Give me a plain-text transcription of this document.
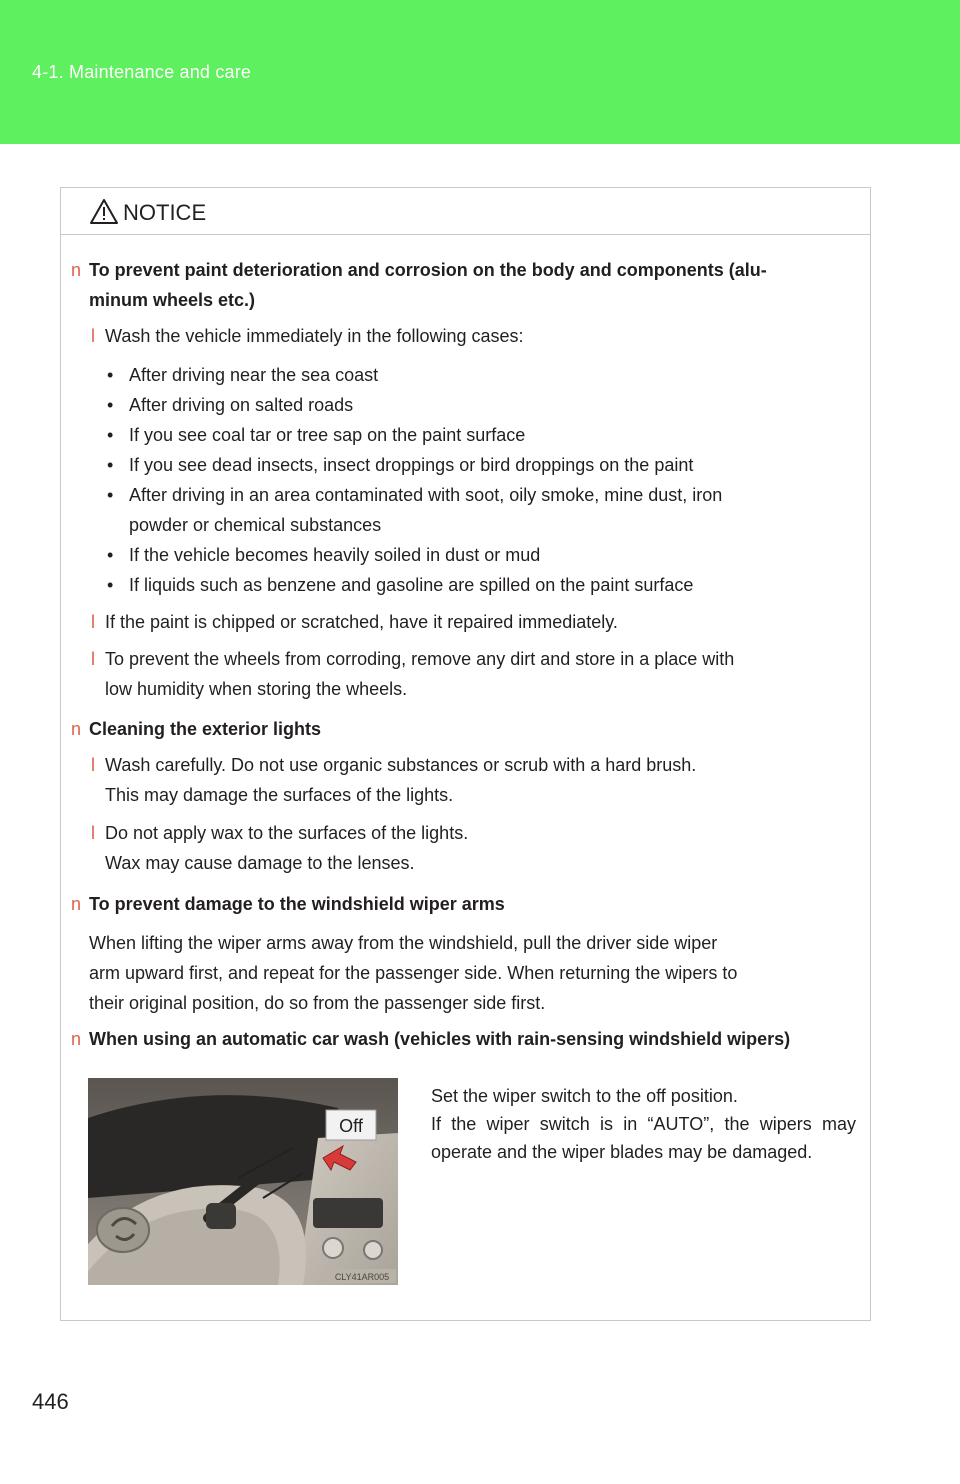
4-1. Maintenance and care
NOTICE
n To prevent paint deterioration and corrosion on the body and components (alu-
minum wheels etc.)
l Wash the vehicle immediately in the following cases:
• After driving near the sea coast
• After driving on salted roads
• If you see coal tar or tree sap on the paint surface
• If you see dead insects, insect droppings or bird droppings on the paint
• After driving in an area contaminated with soot, oily smoke, mine dust, iron
powder or chemical substances
• If the vehicle becomes heavily soiled in dust or mud
• If liquids such as benzene and gasoline are spilled on the paint surface
l If the paint is chipped or scratched, have it repaired immediately.
l To prevent the wheels from corroding, remove any dirt and store in a place with
low humidity when storing the wheels.
n Cleaning the exterior lights
l Wash carefully. Do not use organic substances or scrub with a hard brush.
This may damage the surfaces of the lights.
l Do not apply wax to the surfaces of the lights.
Wax may cause damage to the lenses.
n To prevent damage to the windshield wiper arms
When lifting the wiper arms away from the windshield, pull the driver side wiper
arm upward first, and repeat for the passenger side. When returning the wipers to
their original position, do so from the passenger side first.
n When using an automatic car wash (vehicles with rain-sensing windshield wipers)
Off
CLY41AR005
Set the wiper switch to the off position.
If the wiper switch is in “AUTO”, the wipers may operate and the wiper blades may be damaged.
446
